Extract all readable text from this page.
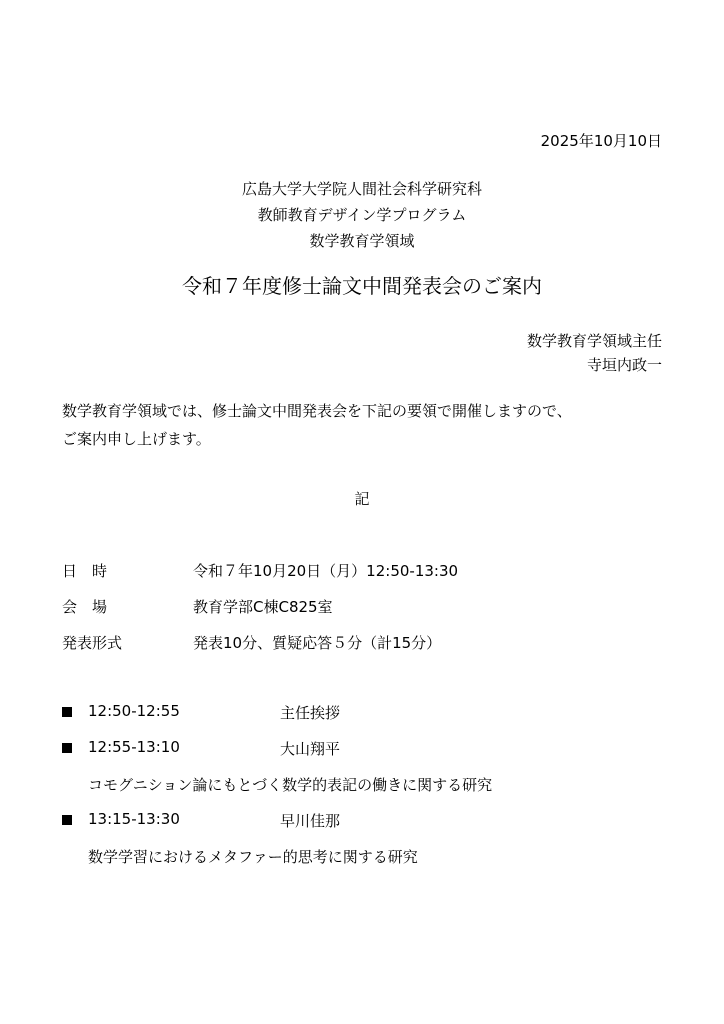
2025年10月10日
広島大学大学院人間社会科学研究科
教師教育デザイン学プログラム
数学教育学領域
令和７年度修士論文中間発表会のご案内
数学教育学領域主任
寺垣内政一
数学教育学領域では、修士論文中間発表会を下記の要領で開催しますので、
ご案内申し上げます。
記
日　時	令和７年10月20日（月）12:50-13:30
会　場	教育学部C棟C825室
発表形式	発表10分、質疑応答５分（計15分）
12:50-12:55	主任挨拶
12:55-13:10	大山翔平
コモグニション論にもとづく数学的表記の働きに関する研究
13:15-13:30	早川佳那
数学学習におけるメタファー的思考に関する研究
